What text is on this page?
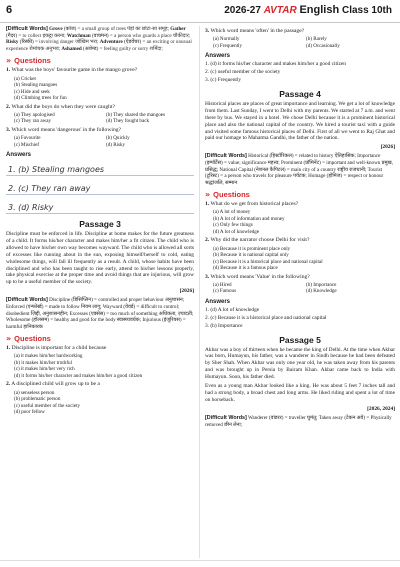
6	2026-27 AVTAR English Class 10th
[Difficult Words] Grove (कोंज) = a small group of trees पेड़ों का छोटा-सा समूह; Gather (गैदर) = to collect इकट्ठा करना; Watchman (वाचमन) = a person who guards a place चौकीदार; Risky (रिस्की) = involving danger जोखिम भरा; Adventure (ऐडवेंचर) = an exciting or unusual experience रोमांचक अनुभव; Ashamed (अशेम्ड) = feeling guilty or sorry शर्मिंदा;
» Questions
1. What was the boys' favourite game in the mango grove?
(a) Cricket
(b) Stealing mangoes
(c) Hide and seek
(d) Climbing trees for fun
2. What did the boys do when they were caught?
(a) They apologised	(b) They shared the mangoes
(c) They ran away	(d) They fought back
3. Which word means 'dangerous' in the following?
(a) Favourite	(b) Quickly
(c) Mischief	(d) Risky
Answers
1. (b) Stealing mangoes
2. (c) They ran away
3. (d) Risky
Passage 3
Discipline must be enforced in life. Discipline at home makes for the future greatness of a child. It forms his/her character and makes him/her a fit citizen. The child who is allowed to have his/her own way becomes wayward. The child who is allowed all sorts of excesses like running about in the sun, exposing himself/herself to cold, eating wholesome things, will fall ill frequently as a result. A child, whose habits have been disciplined and who has been taught to rise early, attend to his/her lessons properly, take physical exercise at the proper time and avoid things that are injurious, will grow up to be a useful member of the society.
[2026]
[Difficult Words] Discipline (डिसिप्लिन) = controlled and proper behaviour अनुशासन; Enforced (एन्फोर्स्ड) = made to follow नियम लागू; Wayward (वेवर्ड) = difficult to control; disobedient ज़िद्दी, अनुशासनहीन; Excesses (एक्सेस) = too much of something अधिकता, ज़्यादती; Wholesome (होलसम) = healthy and good for the body स्वास्थ्यवर्धक; Injurious (इंजूरियस) = harmful हानिकारक
» Questions
1. Discipline is important for a child because
(a) it makes him/her hardworking
(b) it makes him/her truthful
(c) it makes him/her very rich
(d) it forms his/her character and makes him/her a good citizen
2. A disciplined child will grow up to be a
(a) senseless person
(b) problematic person
(c) useful member of the society
(d) poor fellow
3. Which word means 'often' in the passage?
(a) Normally	(b) Rarely
(c) Frequently	(d) Occasionally
Answers
1. (d) it forms his/her character and makes him/her a good citizen
2. (c) useful member of the society
3. (c) Frequently
Passage 4
Historical places are places of great importance and learning. We get a lot of knowledge from them. Last Sunday, I went to Delhi with my parents. We started at 7 a.m. and went there by bus. We stayed in a hotel. We chose Delhi because it is a prominent historical place and also the national capital of the country. We hired a tourist taxi with a guide and visited some famous historical places of Delhi. First of all we went to Raj Ghat and paid our homage to Mahatma Gandhi, the father of the nation.
[2026]
[Difficult Words] Historical (हिस्टॉरिकल) = related to history ऐतिहासिक; Importance (इम्पॉर्टेंस) = value; significance महत्त्व; Prominent (प्रॉमिनेंट) = important and well-known प्रमुख, प्रसिद्ध; National Capital (नेशनल कैपिटल) = main city of a country राष्ट्रीय राजधानी; Tourist (टूरिस्ट) = a person who travels for pleasure पर्यटक; Homage (होमिज) = respect or honour श्रद्धांजलि, सम्मान
» Questions
1. What do we get from historical places?
(a) A lot of money
(b) A lot of information and money
(c) Only few things
(d) A lot of knowledge
2. Why did the narrator choose Delhi for visit?
(a) Because it is prominent place only
(b) Because it is national capital only
(c) Because it is a historical place and national capital
(d) Because it is a famous place
3. Which word means 'Value' in the following?
(a) Hired	(b) Importance
(c) Famous	(d) Knowledge
Answers
1. (d) A lot of knowledge
2. (c) Because it is a historical place and national capital
3. (b) Importance
Passage 5
Akbar was a boy of thirteen when he became the king of Delhi. At the time when Akbar was born, Humayun, his father, was a wanderer in Sindh because he had been defeated by Sher Shah. When Akbar was only one year old, he was taken away from his parents and was brought up in Persia by Bairam Khan. Akbar came back to India with Humayun. Soon, his father died.
Even as a young man Akbar looked like a king. He was about 5 feet 7 inches tall and had a strong body, a broad chest and long arms. He liked riding and spent a lot of time on horseback.
[2026, 2024]
[Difficult Words] Wanderer (वांडरर) = traveller घुमंतू; Taken away (टेकन अवे) = Physically removed छीन लेना;
